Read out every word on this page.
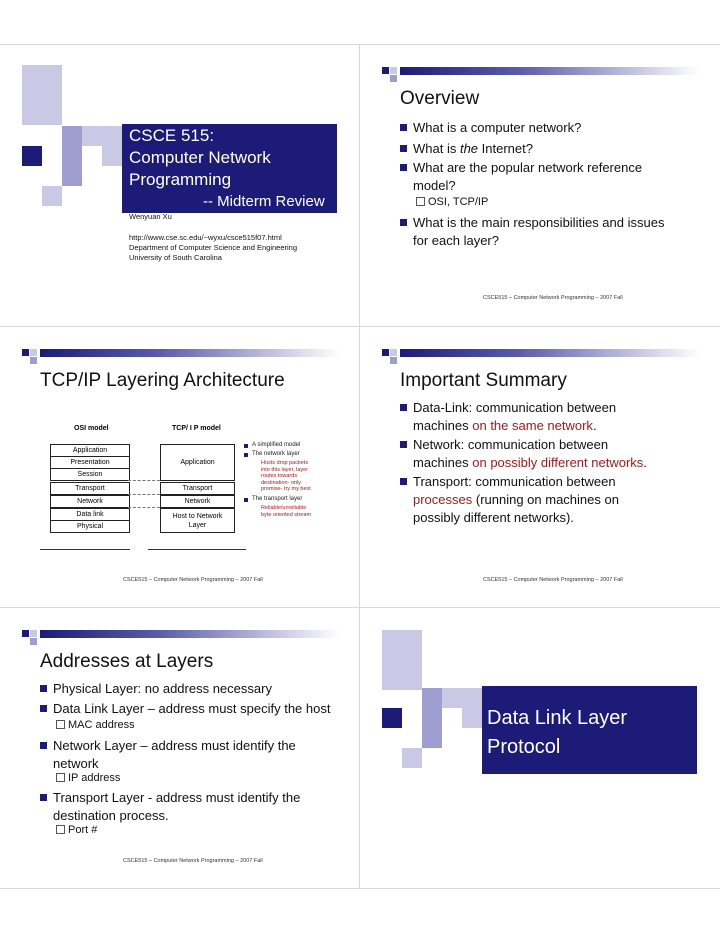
CSCE 515:
Computer Network
Programming
-- Midterm Review
Wenyuan Xu
http://www.cse.sc.edu/~wyxu/csce515f07.html
Department of Computer Science and Engineering
University of South Carolina
Overview
What is a computer network?
What is the Internet?
What are the popular network reference
model?
OSI, TCP/IP
What is the main responsibilities and issues
for each layer?
CSCE515 – Computer Network Programming – 2007 Fall
TCP/IP Layering Architecture
OSI model	TCP/ I P model
Application
Presentation
Session
Transport
Network
Data link
Physical
Application
Transport
Network
Host to Network
Layer
A simplified model
The network layer
Hosts drop packets
into this layer, layer
routes towards
destination- only
promise- try my best
The transport layer
Reliable/unreliable
byte oriented stream
CSCE515 – Computer Network Programming – 2007 Fall
Important Summary
Data-Link: communication between
machines on the same network.
Network: communication between
machines on possibly different networks.
Transport: communication between
processes (running on machines on
possibly different networks).
CSCE515 – Computer Network Programming – 2007 Fall
Addresses at Layers
Physical Layer: no address necessary
Data Link Layer – address must specify the host
MAC address
Network Layer – address must identify the
network
IP address
Transport Layer - address must identify the
destination process.
Port #
CSCE515 – Computer Network Programming – 2007 Fall
Data Link Layer
Protocol
